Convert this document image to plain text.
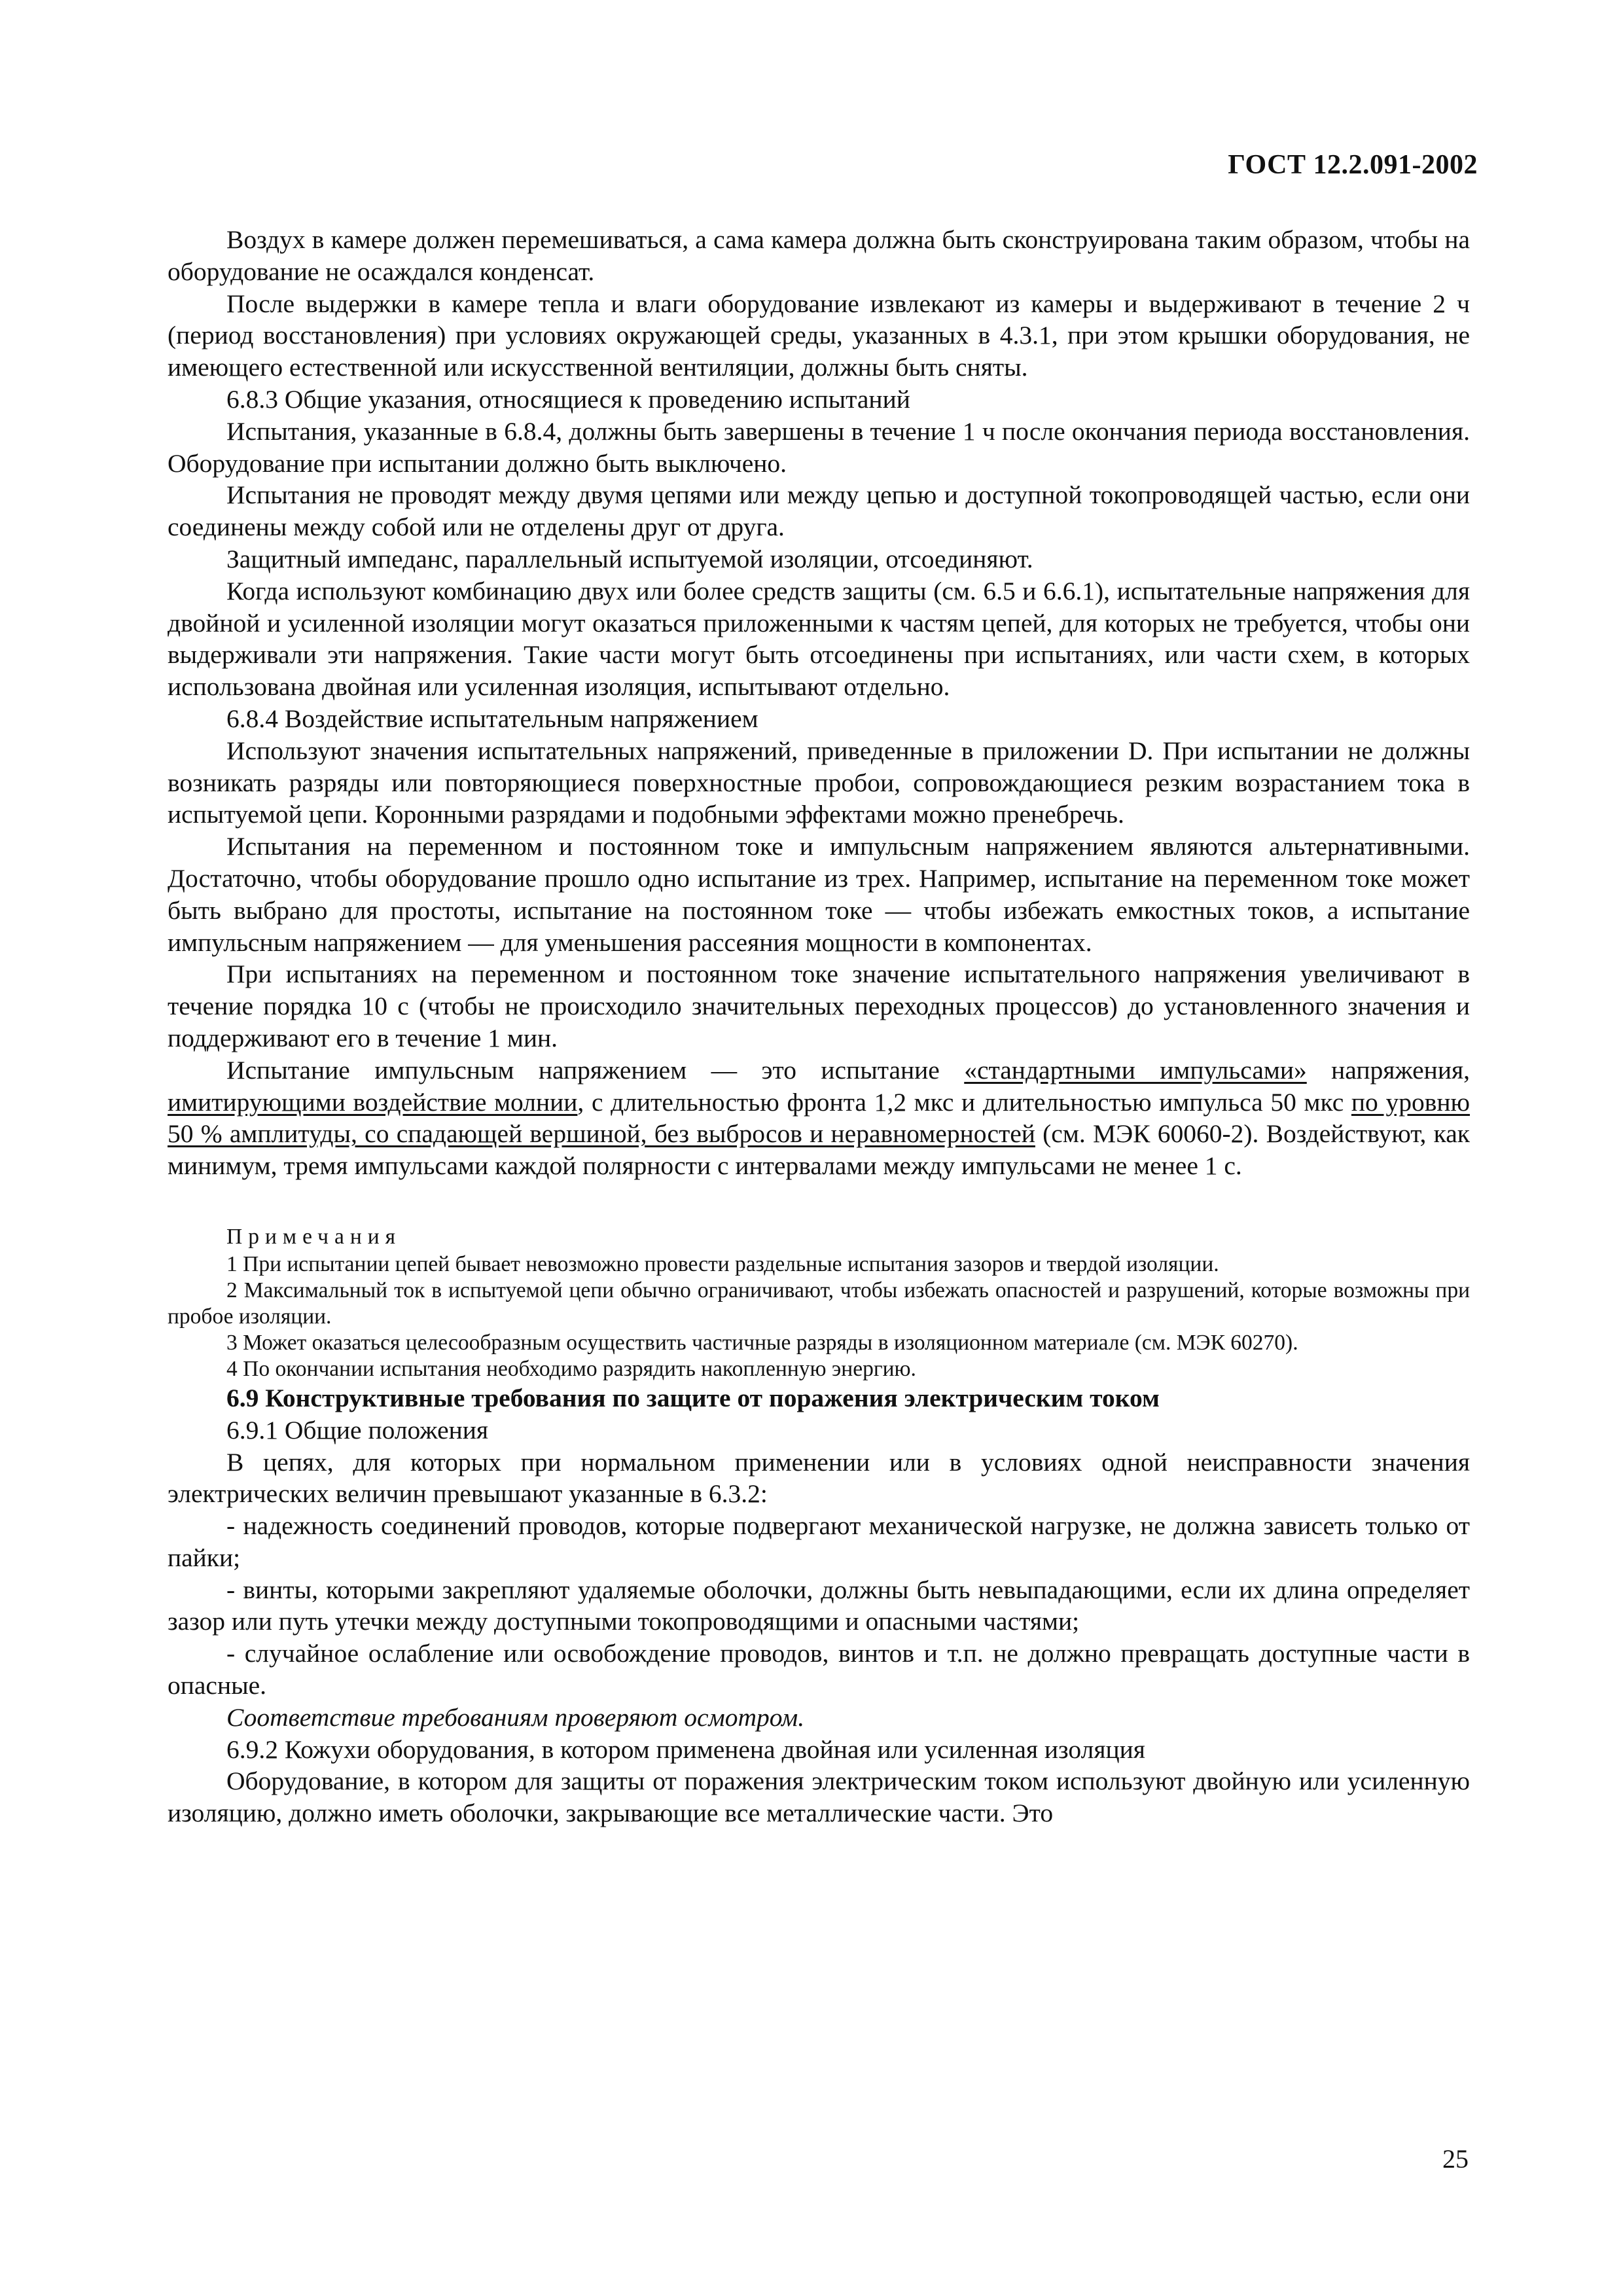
ГОСТ 12.2.091-2002

Воздух в камере должен перемешиваться, а сама камера должна быть сконструирована таким образом, чтобы на оборудование не осаждался конденсат.

После выдержки в камере тепла и влаги оборудование извлекают из камеры и выдерживают в течение 2 ч (период восстановления) при условиях окружающей среды, указанных в 4.3.1, при этом крышки оборудования, не имеющего естественной или искусственной вентиляции, должны быть сняты.

6.8.3 Общие указания, относящиеся к проведению испытаний

Испытания, указанные в 6.8.4, должны быть завершены в течение 1 ч после окончания периода восстановления. Оборудование при испытании должно быть выключено.

Испытания не проводят между двумя цепями или между цепью и доступной токопроводящей частью, если они соединены между собой или не отделены друг от друга.

Защитный импеданс, параллельный испытуемой изоляции, отсоединяют.

Когда используют комбинацию двух или более средств защиты (см. 6.5 и 6.6.1), испытательные напряжения для двойной и усиленной изоляции могут оказаться приложенными к частям цепей, для которых не требуется, чтобы они выдерживали эти напряжения. Такие части могут быть отсоединены при испытаниях, или части схем, в которых использована двойная или усиленная изоляция, испытывают отдельно.

6.8.4 Воздействие испытательным напряжением

Используют значения испытательных напряжений, приведенные в приложении D. При испытании не должны возникать разряды или повторяющиеся поверхностные пробои, сопровождающиеся резким возрастанием тока в испытуемой цепи. Коронными разрядами и подобными эффектами можно пренебречь.

Испытания на переменном и постоянном токе и импульсным напряжением являются альтернативными. Достаточно, чтобы оборудование прошло одно испытание из трех. Например, испытание на переменном токе может быть выбрано для простоты, испытание на постоянном токе — чтобы избежать емкостных токов, а испытание импульсным напряжением — для уменьшения рассеяния мощности в компонентах.

При испытаниях на переменном и постоянном токе значение испытательного напряжения увеличивают в течение порядка 10 с (чтобы не происходило значительных переходных процессов) до установленного значения и поддерживают его в течение 1 мин.

Испытание импульсным напряжением — это испытание «стандартными импульсами» напряжения, имитирующими воздействие молнии, с длительностью фронта 1,2 мкс и длительностью импульса 50 мкс по уровню 50 % амплитуды, со спадающей вершиной, без выбросов и неравномерностей (см. МЭК 60060-2). Воздействуют, как минимум, тремя импульсами каждой полярности с интервалами между импульсами не менее 1 с.

Примечания

1 При испытании цепей бывает невозможно провести раздельные испытания зазоров и твердой изоляции.

2 Максимальный ток в испытуемой цепи обычно ограничивают, чтобы избежать опасностей и разрушений, которые возможны при пробое изоляции.

3 Может оказаться целесообразным осуществить частичные разряды в изоляционном материале (см. МЭК 60270).

4 По окончании испытания необходимо разрядить накопленную энергию.

6.9 Конструктивные требования по защите от поражения электрическим током

6.9.1 Общие положения

В цепях, для которых при нормальном применении или в условиях одной неисправности значения электрических величин превышают указанные в 6.3.2:

- надежность соединений проводов, которые подвергают механической нагрузке, не должна зависеть только от пайки;

- винты, которыми закрепляют удаляемые оболочки, должны быть невыпадающими, если их длина определяет зазор или путь утечки между доступными токопроводящими и опасными частями;

- случайное ослабление или освобождение проводов, винтов и т.п. не должно превращать доступные части в опасные.

Соответствие требованиям проверяют осмотром.

6.9.2 Кожухи оборудования, в котором применена двойная или усиленная изоляция

Оборудование, в котором для защиты от поражения электрическим током используют двойную или усиленную изоляцию, должно иметь оболочки, закрывающие все металлические части. Это

25
